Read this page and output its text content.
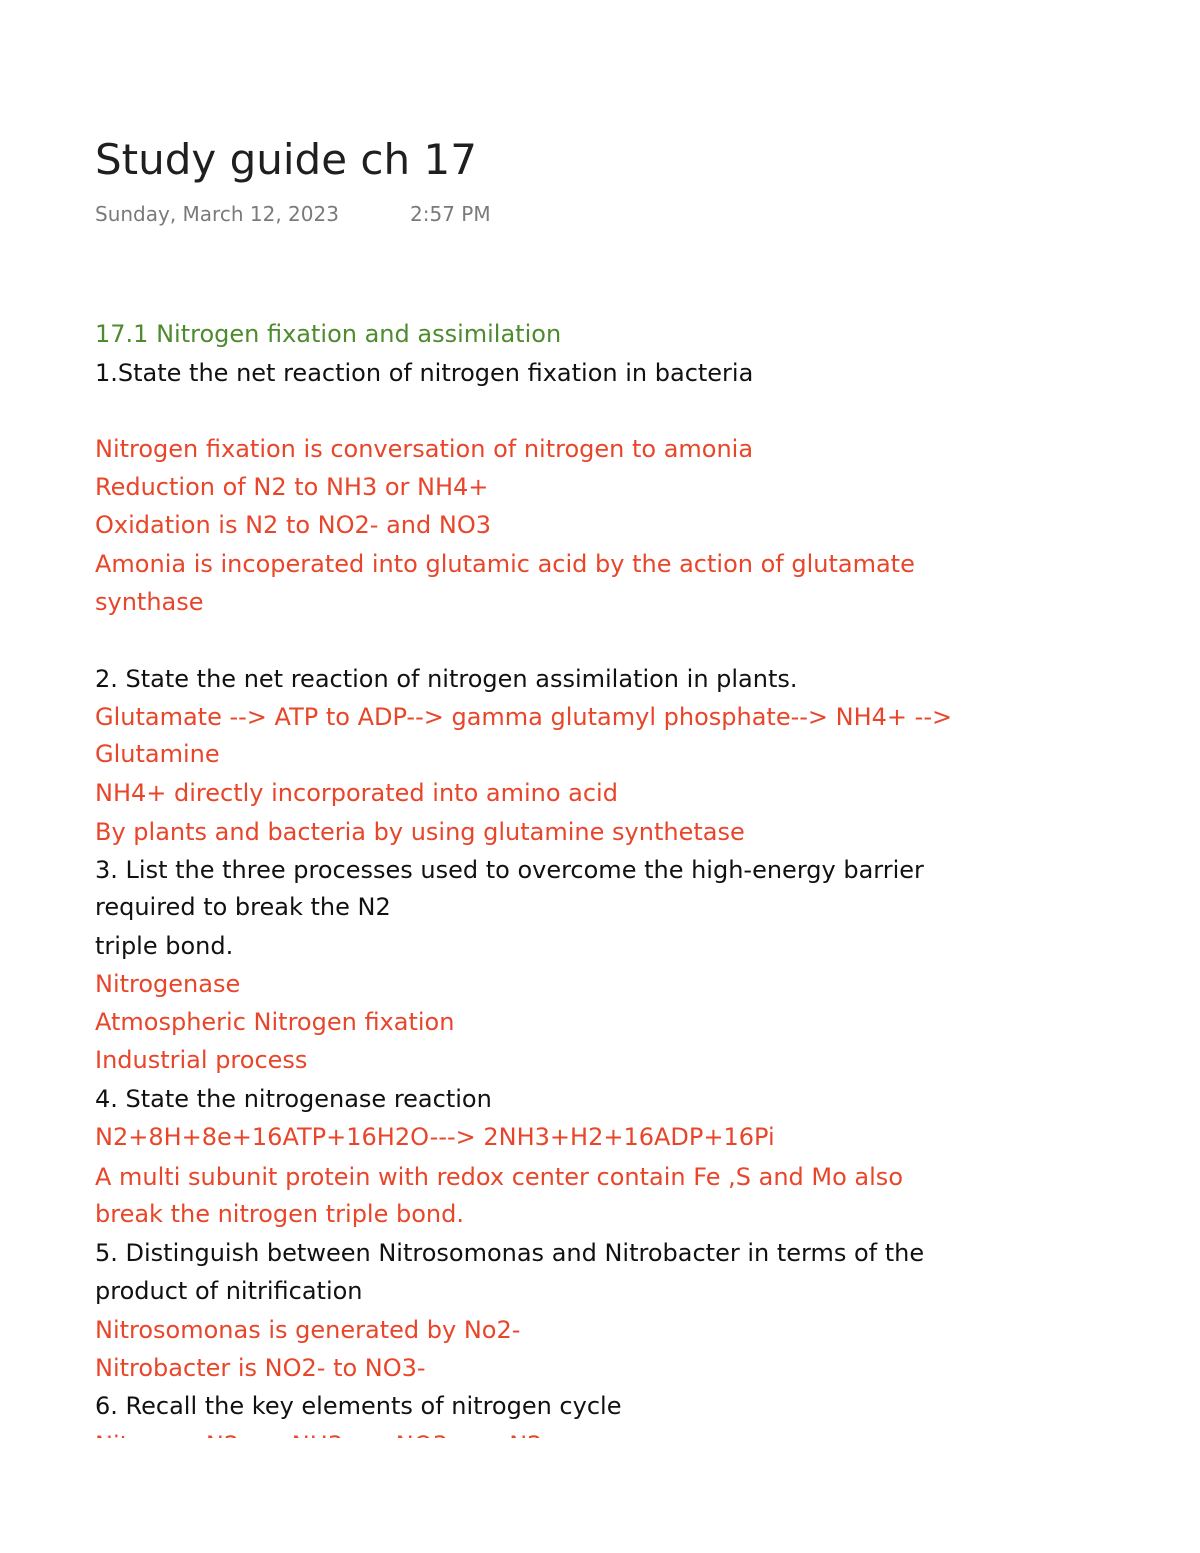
Study guide ch 17
Sunday, March 12, 2023	2:57 PM
17.1 Nitrogen fixation and assimilation
1.State the net reaction of nitrogen fixation in bacteria
Nitrogen fixation is conversation of nitrogen to amonia
Reduction of N2 to NH3 or NH4+
Oxidation is N2 to NO2- and NO3
Amonia is incoperated into glutamic acid by the action of glutamate
synthase
2. State the net reaction of nitrogen assimilation in plants.
Glutamate --> ATP to ADP--> gamma glutamyl phosphate--> NH4+ -->
Glutamine
NH4+ directly incorporated into amino acid
By plants and bacteria by using glutamine synthetase
3. List the three processes used to overcome the high-energy barrier
required to break the N2
triple bond.
Nitrogenase
Atmospheric Nitrogen fixation
Industrial process
4. State the nitrogenase reaction
N2+8H+8e+16ATP+16H2O---> 2NH3+H2+16ADP+16Pi
A multi subunit protein with redox center contain Fe ,S and Mo also
break the nitrogen triple bond.
5. Distinguish between Nitrosomonas and Nitrobacter in terms of the
product of nitrification
Nitrosomonas is generated by No2-
Nitrobacter is NO2- to NO3-
6. Recall the key elements of nitrogen cycle
